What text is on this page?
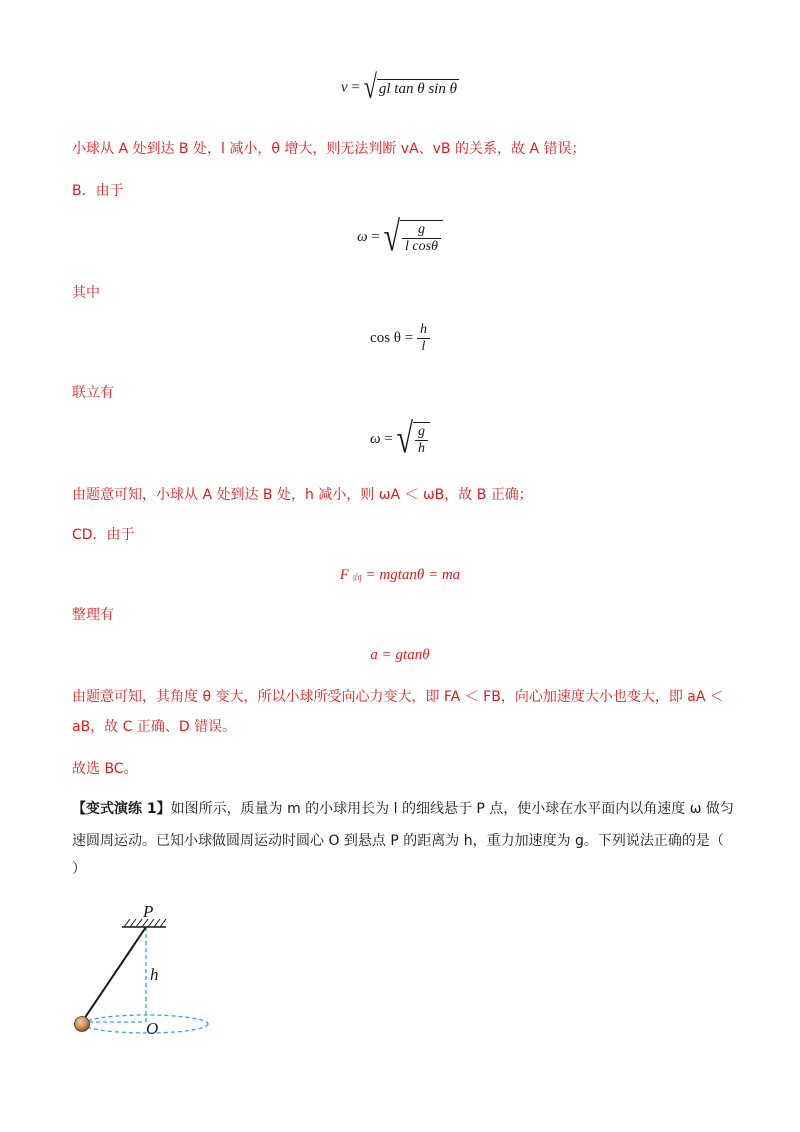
v = √ gl tan θ sin θ
小球从 A 处到达 B 处，l 减小，θ 增大，则无法判断 vA、vB 的关系，故 A 错误；
B．由于
ω = √ $\frac{g}{\text{l cosθ}}$
其中
$\cos \theta = \frac{h}{l}$
联立有
ω = √ $\frac{g}{h}$
由题意可知，小球从 A 处到达 B 处，h 减小，则 ωA ＜ ωB，故 B 正确；
CD．由于
F $_向$ = mgtanθ = ma
整理有
a = gtanθ
由题意可知，其角度 θ 变大，所以小球所受向心力变大，即 FA ＜ FB，向心加速度大小也变大，即 aA ＜
aB，故 C 正确、D 错误。
故选 BC。
【变式演练 1】如图所示，质量为 m 的小球用长为 l 的细线悬于 P 点，使小球在水平面内以角速度 ω 做匀
速圆周运动。已知小球做圆周运动时圆心 O 到悬点 P 的距离为 h，重力加速度为 g。下列说法正确的是（
）
P
h
O
